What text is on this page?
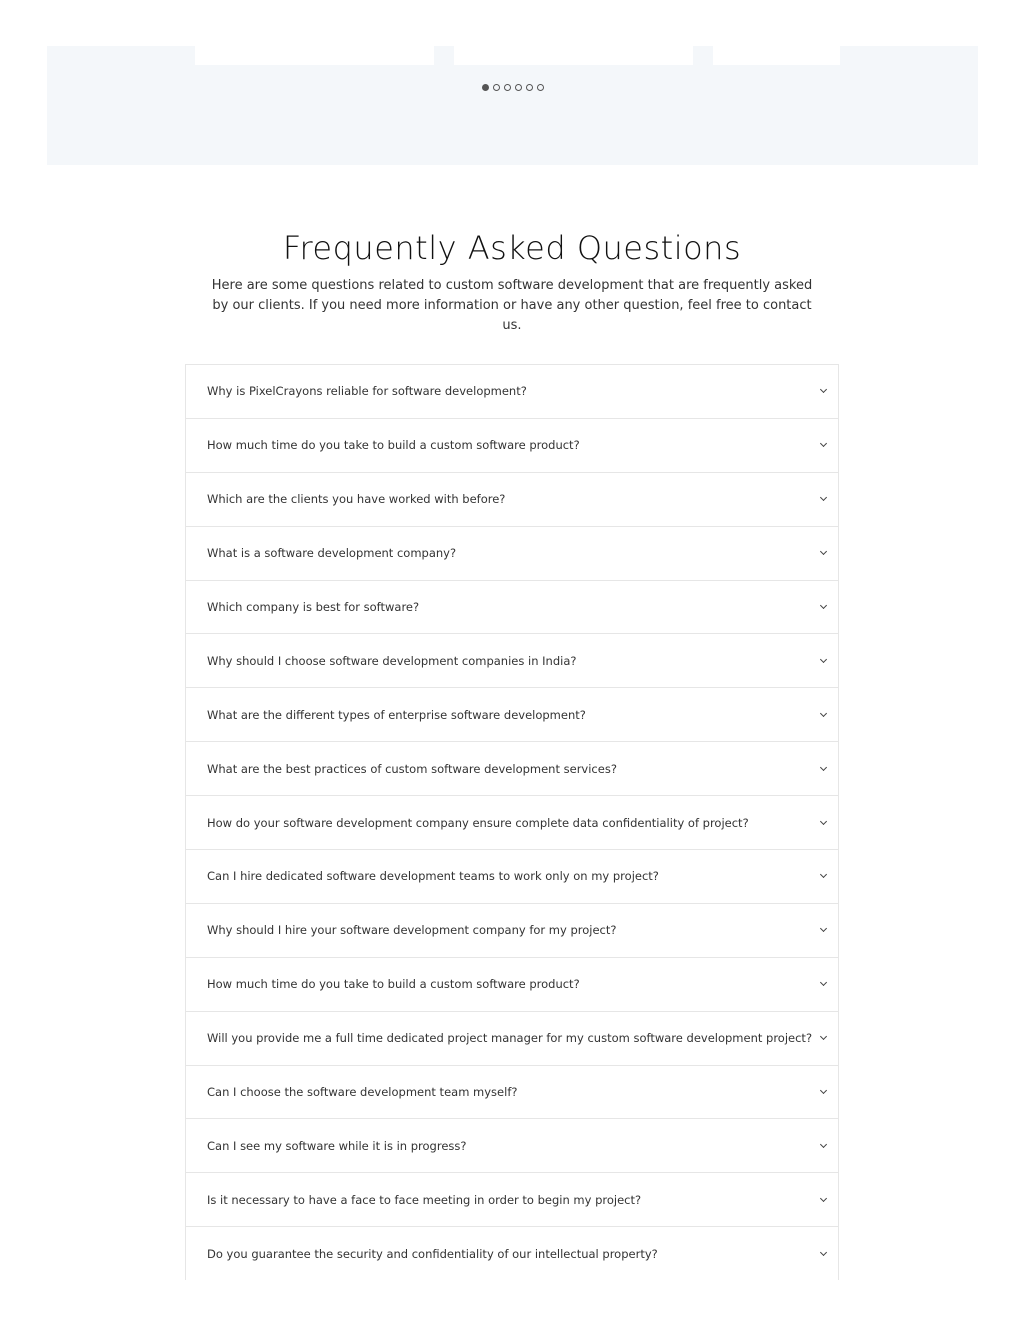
Frequently Asked Questions

Here are some questions related to custom software development that are frequently asked by our clients. If you need more information or have any other question, feel free to contact us.

Why is PixelCrayons reliable for software development?
How much time do you take to build a custom software product?
Which are the clients you have worked with before?
What is a software development company?
Which company is best for software?
Why should I choose software development companies in India?
What are the different types of enterprise software development?
What are the best practices of custom software development services?
How do your software development company ensure complete data confidentiality of project?
Can I hire dedicated software development teams to work only on my project?
Why should I hire your software development company for my project?
How much time do you take to build a custom software product?
Will you provide me a full time dedicated project manager for my custom software development project?
Can I choose the software development team myself?
Can I see my software while it is in progress?
Is it necessary to have a face to face meeting in order to begin my project?
Do you guarantee the security and confidentiality of our intellectual property?
